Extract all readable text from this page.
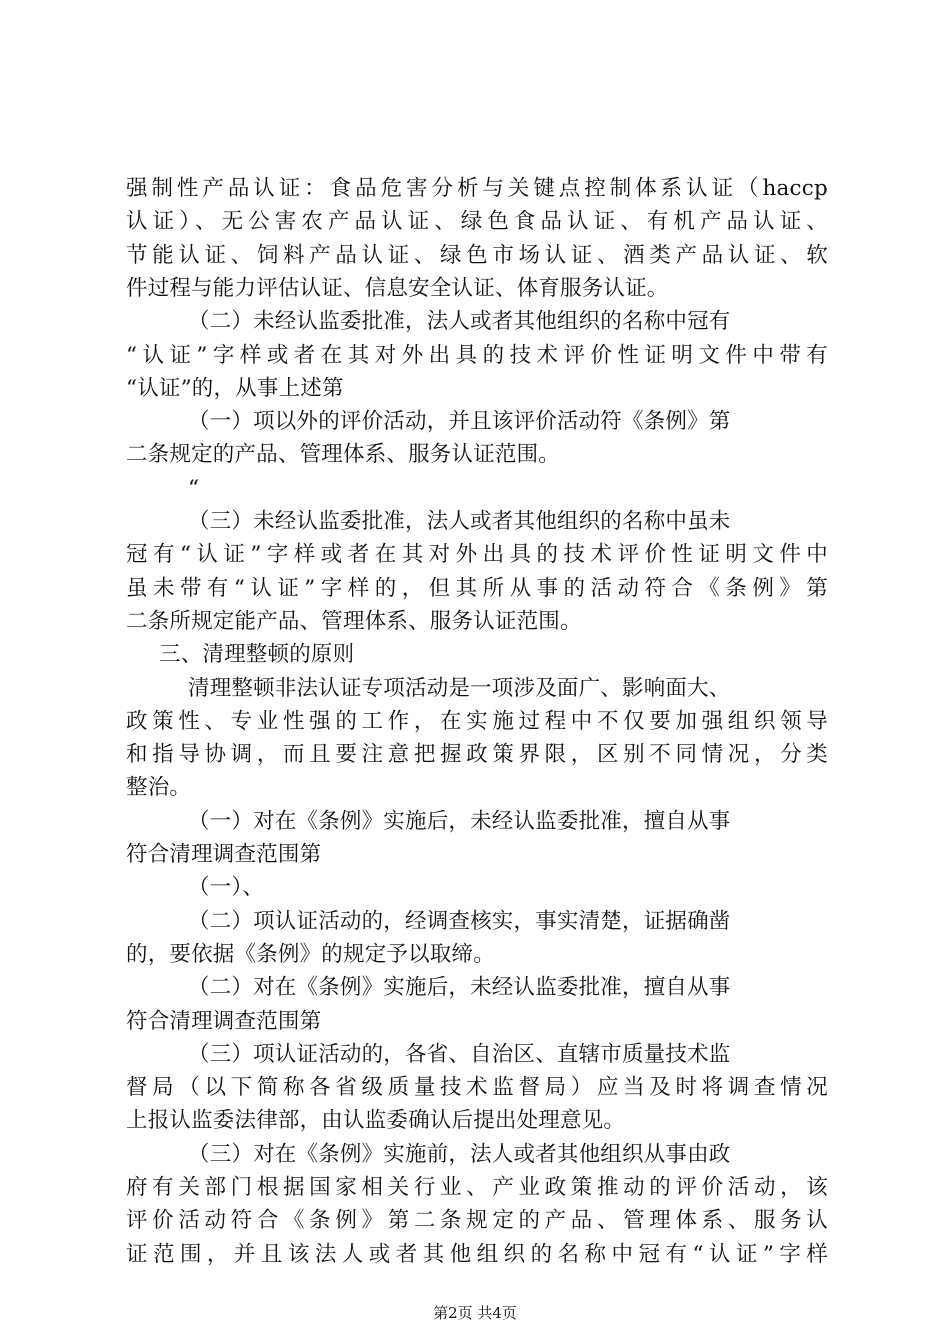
强制性产品认证：食品危害分析与关键点控制体系认证（haccp
认证）、无公害农产品认证、绿色食品认证、有机产品认证、
节能认证、饲料产品认证、绿色市场认证、酒类产品认证、软
件过程与能力评估认证、信息安全认证、体育服务认证。
（二）未经认监委批准，法人或者其他组织的名称中冠有
“认证”字样或者在其对外出具的技术评价性证明文件中带有
“认证”的，从事上述第
（一）项以外的评价活动，并且该评价活动符《条例》第
二条规定的产品、管理体系、服务认证范围。
“
（三）未经认监委批准，法人或者其他组织的名称中虽未
冠有“认证”字样或者在其对外出具的技术评价性证明文件中
虽未带有“认证”字样的，但其所从事的活动符合《条例》第
二条所规定能产品、管理体系、服务认证范围。
三、清理整顿的原则
清理整顿非法认证专项活动是一项涉及面广、影响面大、
政策性、专业性强的工作，在实施过程中不仅要加强组织领导
和指导协调，而且要注意把握政策界限，区别不同情况，分类
整治。
（一）对在《条例》实施后，未经认监委批准，擅自从事
符合清理调查范围第
（一）、
（二）项认证活动的，经调查核实，事实清楚，证据确凿
的，要依据《条例》的规定予以取缔。
（二）对在《条例》实施后，未经认监委批准，擅自从事
符合清理调查范围第
（三）项认证活动的，各省、自治区、直辖市质量技术监
督局（以下简称各省级质量技术监督局）应当及时将调查情况
上报认监委法律部，由认监委确认后提出处理意见。
（三）对在《条例》实施前，法人或者其他组织从事由政
府有关部门根据国家相关行业、产业政策推动的评价活动，该
评价活动符合《条例》第二条规定的产品、管理体系、服务认
证范围，并且该法人或者其他组织的名称中冠有“认证”字样
第2页 共4页
